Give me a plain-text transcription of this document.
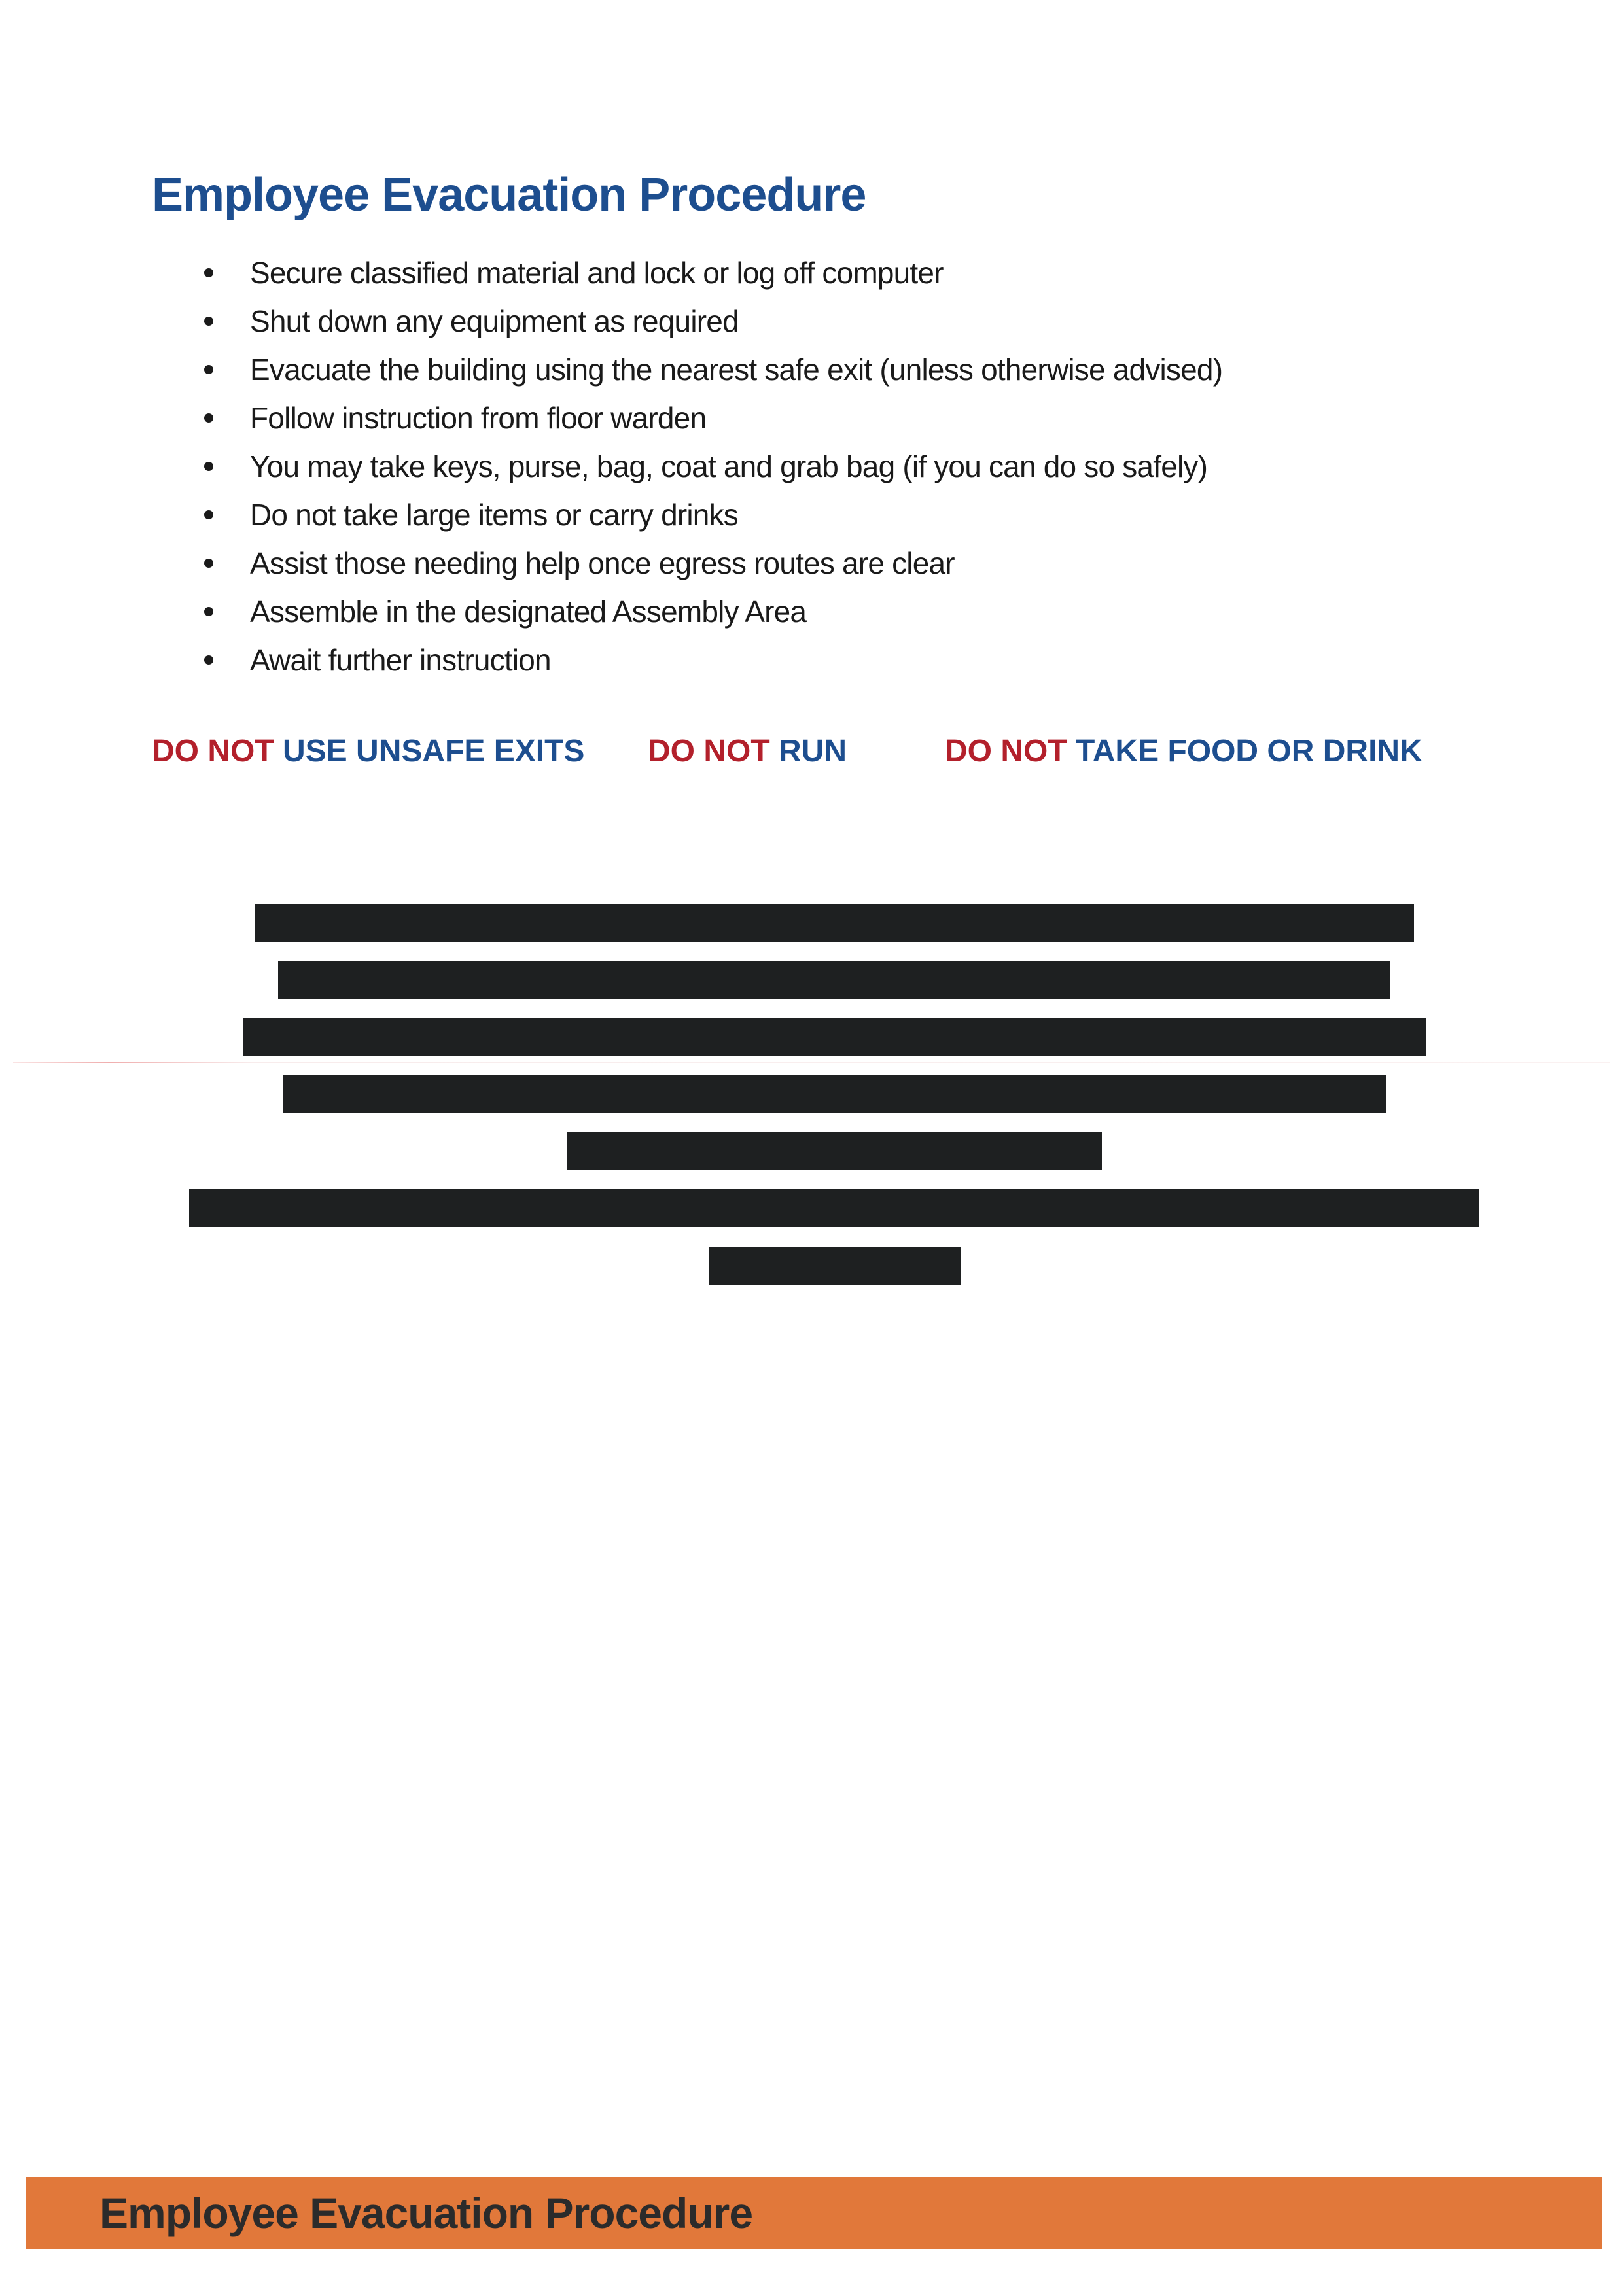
Employee Evacuation Procedure
Secure classified material and lock or log off computer
Shut down any equipment as required
Evacuate the building using the nearest safe exit (unless otherwise advised)
Follow instruction from floor warden
You may take keys, purse, bag, coat and grab bag (if you can do so safely)
Do not take large items or carry drinks
Assist those needing help once egress routes are clear
Assemble in the designated Assembly Area
Await further instruction
DO NOT USE UNSAFE EXITS DO NOT RUN	DO NOT TAKE FOOD OR DRINK
Employee Evacuation Procedure
